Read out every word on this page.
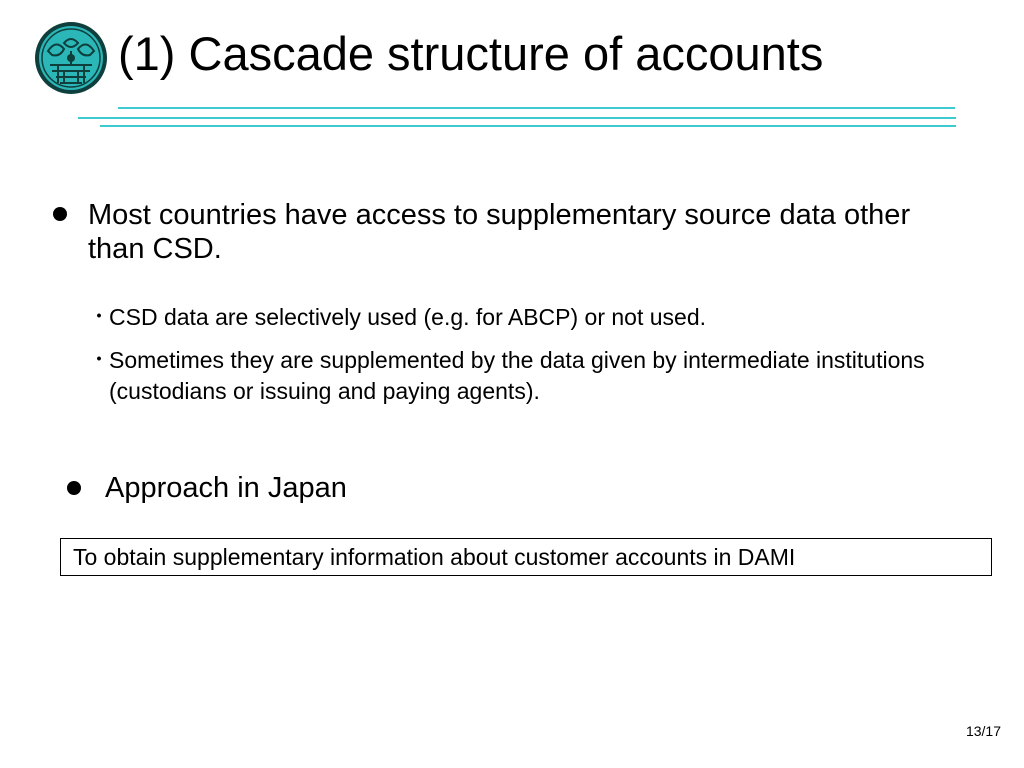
(1) Cascade structure of accounts
Most countries have access to supplementary source data other than CSD.
・
CSD data are selectively used (e.g. for ABCP) or not used.
・
Sometimes they are supplemented by the data given by intermediate institutions (custodians or issuing and paying agents).
Approach in Japan
To obtain supplementary information about customer accounts in DAMI
13/17
